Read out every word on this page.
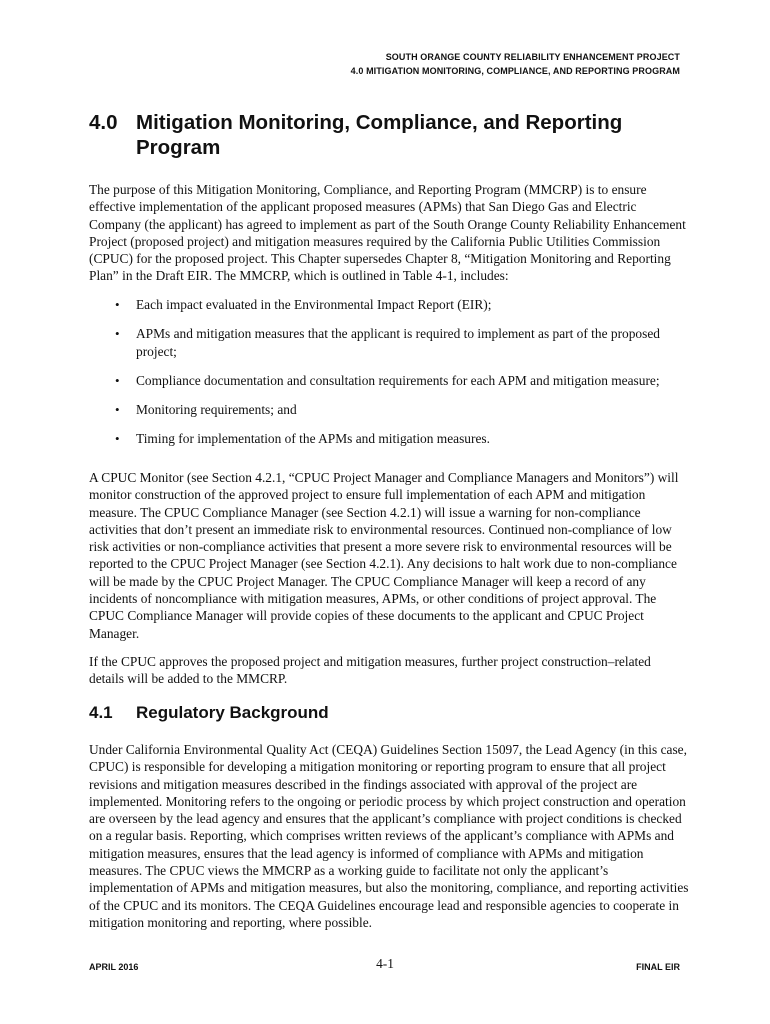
SOUTH ORANGE COUNTY RELIABILITY ENHANCEMENT PROJECT
4.0 MITIGATION MONITORING, COMPLIANCE, AND REPORTING PROGRAM
4.0 Mitigation Monitoring, Compliance, and Reporting Program

The purpose of this Mitigation Monitoring, Compliance, and Reporting Program (MMCRP) is to ensure effective implementation of the applicant proposed measures (APMs) that San Diego Gas and Electric Company (the applicant) has agreed to implement as part of the South Orange County Reliability Enhancement Project (proposed project) and mitigation measures required by the California Public Utilities Commission (CPUC) for the proposed project. This Chapter supersedes Chapter 8, “Mitigation Monitoring and Reporting Plan” in the Draft EIR. The MMCRP, which is outlined in Table 4-1, includes:

• Each impact evaluated in the Environmental Impact Report (EIR);
• APMs and mitigation measures that the applicant is required to implement as part of the proposed project;
• Compliance documentation and consultation requirements for each APM and mitigation measure;
• Monitoring requirements; and
• Timing for implementation of the APMs and mitigation measures.

A CPUC Monitor (see Section 4.2.1, “CPUC Project Manager and Compliance Managers and Monitors”) will monitor construction of the approved project to ensure full implementation of each APM and mitigation measure. The CPUC Compliance Manager (see Section 4.2.1) will issue a warning for non-compliance activities that don’t present an immediate risk to environmental resources. Continued non-compliance of low risk activities or non-compliance activities that present a more severe risk to environmental resources will be reported to the CPUC Project Manager (see Section 4.2.1). Any decisions to halt work due to non-compliance will be made by the CPUC Project Manager. The CPUC Compliance Manager will keep a record of any incidents of noncompliance with mitigation measures, APMs, or other conditions of project approval. The CPUC Compliance Manager will provide copies of these documents to the applicant and CPUC Project Manager.

If the CPUC approves the proposed project and mitigation measures, further project construction–related details will be added to the MMCRP.

4.1 Regulatory Background

Under California Environmental Quality Act (CEQA) Guidelines Section 15097, the Lead Agency (in this case, CPUC) is responsible for developing a mitigation monitoring or reporting program to ensure that all project revisions and mitigation measures described in the findings associated with approval of the project are implemented. Monitoring refers to the ongoing or periodic process by which project construction and operation are overseen by the lead agency and ensures that the applicant’s compliance with project conditions is checked on a regular basis. Reporting, which comprises written reviews of the applicant’s compliance with APMs and mitigation measures, ensures that the lead agency is informed of compliance with APMs and mitigation measures. The CPUC views the MMCRP as a working guide to facilitate not only the applicant’s implementation of APMs and mitigation measures, but also the monitoring, compliance, and reporting activities of the CPUC and its monitors. The CEQA Guidelines encourage lead and responsible agencies to cooperate in mitigation monitoring and reporting, where possible.

APRIL 2016	4-1	FINAL EIR
